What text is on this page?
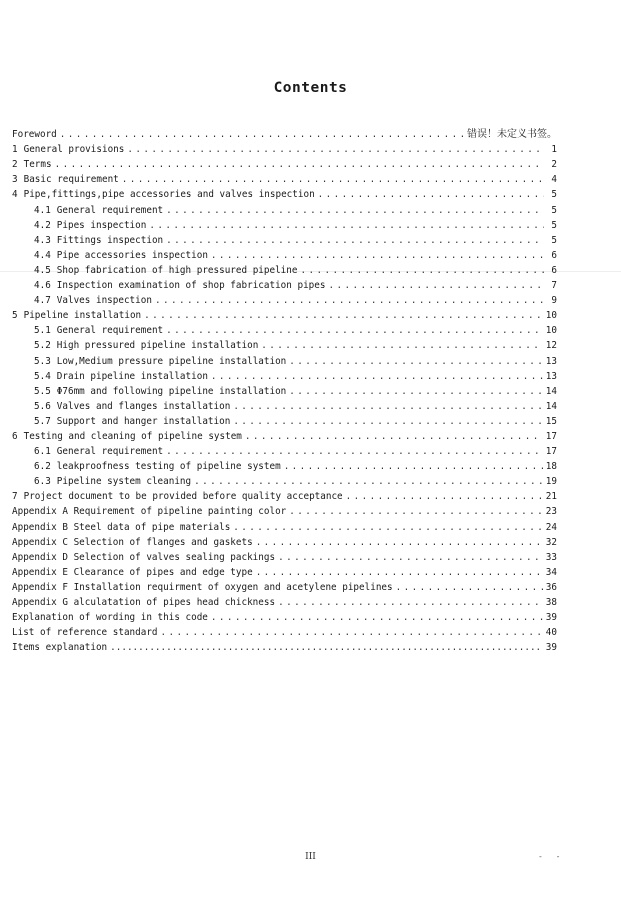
Contents
Foreword .....	错误！未定义书签。
1 General provisions .....	1
2 Terms .....	2
3 Basic requirement .....	4
4 Pipe,fittings,pipe accessories and valves inspection .....	5
4.1 General requirement .....	5
4.2 Pipes inspection .....	5
4.3 Fittings inspection .....	5
4.4 Pipe accessories inspection .....	6
4.5 Shop fabrication of high pressured pipeline .....	6
4.6 Inspection examination of shop fabrication pipes .....	7
4.7 Valves inspection .....	9
5 Pipeline installation .....	10
5.1 General requirement .....	10
5.2 High pressured pipeline installation .....	12
5.3 Low,Medium pressure pipeline installation .....	13
5.4 Drain pipeline installation .....	13
5.5 Φ76mm and following pipeline installation .....	14
5.6 Valves and flanges installation .....	14
5.7 Support and hanger installation .....	15
6 Testing and cleaning of pipeline system .....	17
6.1 General requirement .....	17
6.2 leakproofness testing of pipeline system .....	18
6.3 Pipeline system cleaning .....	19
7 Project document to be provided before quality acceptance .....	21
Appendix A Requirement of pipeline painting color .....	23
Appendix B Steel data of pipe materials .....	24
Appendix C Selection of flanges and gaskets .....	32
Appendix D Selection of valves sealing packings .....	33
Appendix E Clearance of pipes and edge type .....	34
Appendix F Installation requirment of oxygen and acetylene pipelines .....	36
Appendix G alculatation of pipes head chickness .....	38
Explanation of wording in this code .....	39
List of reference standard .....	40
Items explanation .....	39
III	- -
